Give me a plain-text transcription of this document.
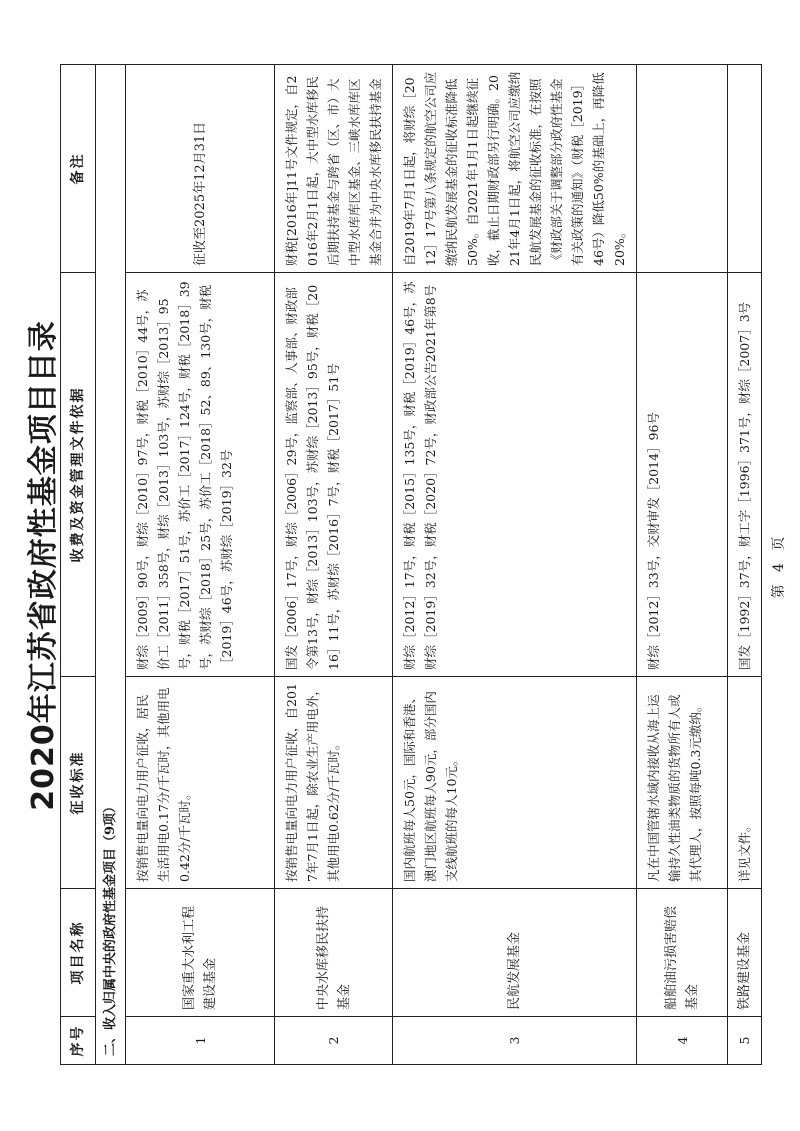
2020年江苏省政府性基金项目目录
序号	项目名称	征收标准	收费及资金管理文件依据	备注
二、收入归属中央的政府性基金项目（9项）				
1	国家重大水利工程建设基金	按销售电量向电力用户征收，居民生活用电0.17分/千瓦时，其他用电0.42分/千瓦时。	财综［2009］90号，财综［2010］97号，财税［2010］44号，苏价工［2011］358号，财综［2013］103号，苏财综［2013］95号，财税［2017］51号，苏价工［2017］124号，财税［2018］39号，苏财综［2018］25号，苏价工［2018］52、89、130号，财税［2019］46号，苏财综［2019］32号	征收至2025年12月31日
2	中央水库移民扶持基金	按销售电量向电力用户征收，自2017年7月1日起，除农业生产用电外，其他用电0.62分/千瓦时。	国发［2006］17号，财综［2006］29号，监察部、人事部、财政部令第13号，财综［2013］103号，苏财综［2013］95号，财税［2016］11号，苏财综［2016］7号，财税［2017］51号	财税[2016年]11号文件规定，自2016年2月1日起，大中型水库移民后期扶持基金与跨省（区、市）大中型水库库区基金、三峡水库库区基金合并为中央水库移民扶持基金
3	民航发展基金	国内航班每人50元，国际和香港、澳门地区航班每人90元，部分国内支线航班的每人10元。	财综［2012］17号，财税［2015］135号，财税［2019］46号，苏财综［2019］32号，财税［2020］72号，财政部公告2021年第8号	自2019年7月1日起，将财综［2012］17号第八条规定的航空公司应缴纳民航发展基金的征收标准降低50%。自2021年1月1日起继续征收，截止日期财政部另行明确。2021年4月1日起，将航空公司应缴纳民航发展基金的征收标准，在按照《财政部关于调整部分政府性基金有关政策的通知》（财税［2019］46号）降低50%的基础上，再降低20%。
4	船舶油污损害赔偿基金	凡在中国管辖水域内接收从海上运输持久性油类物质的货物所有人或其代理人，按照每吨0.3元缴纳。	财综［2012］33号，交财审发［2014］96号	
5	铁路建设基金	详见文件。	国发［1992］37号，财工字［1996］371号，财综［2007］3号	第 4 页
